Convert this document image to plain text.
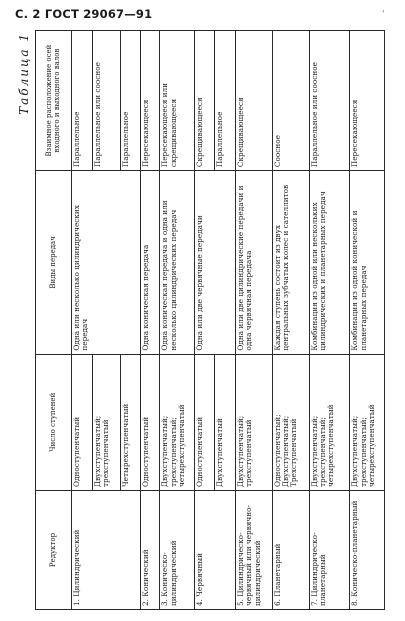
С. 2 ГОСТ 29067—91	'
Таблица 1
Редуктор	Число ступеней	Виды передач	Взаимное расположение осей входного и выходного валов
1. Цилиндрический	Одноступенчатый	Одна или несколько цилиндрических передач	Параллельное
	Двухступенчатый; трехступенчатый		Параллельное или соосное
	Четырехступенчатый		Параллельное
2. Конический	Одноступенчатый	Одна коническая передача	Пересекающееся
3. Коническо-цилиндрический	Двухступенчатый; трехступенчатый; четырехступенчатый	Одна коническая передача и одна или несколько цилиндрических передач	Пересекающееся или скрещивающееся
4. Червячный	Одноступенчатый	Одна или две червячные передачи	Скрещивающееся
	Двухступенчатый		Параллельное
5. Цилиндрическо-червячный или червячно-цилиндрический	Двухступенчатый; трехступенчатый	Одна или две цилиндрические передачи и одна червячная передача	Скрещивающееся
6. Планетарный	Одноступенчатый; Двухступенчатый; Трехступенчатый	Каждая ступень состоит из двух центральных зубчатых колес и сателлитов	Соосное
7. Цилиндрическо-планетарный	Двухступенчатый; трехступенчатый; четырехступенчатый	Комбинация из одной или нескольких цилиндрических и планетарных передач	Параллельное или соосное
8. Коническо-планетарный	Двухступенчатый; трехступенчатый; четырехступенчатый	Комбинация из одной конической и планетарных передач	Пересекающееся
